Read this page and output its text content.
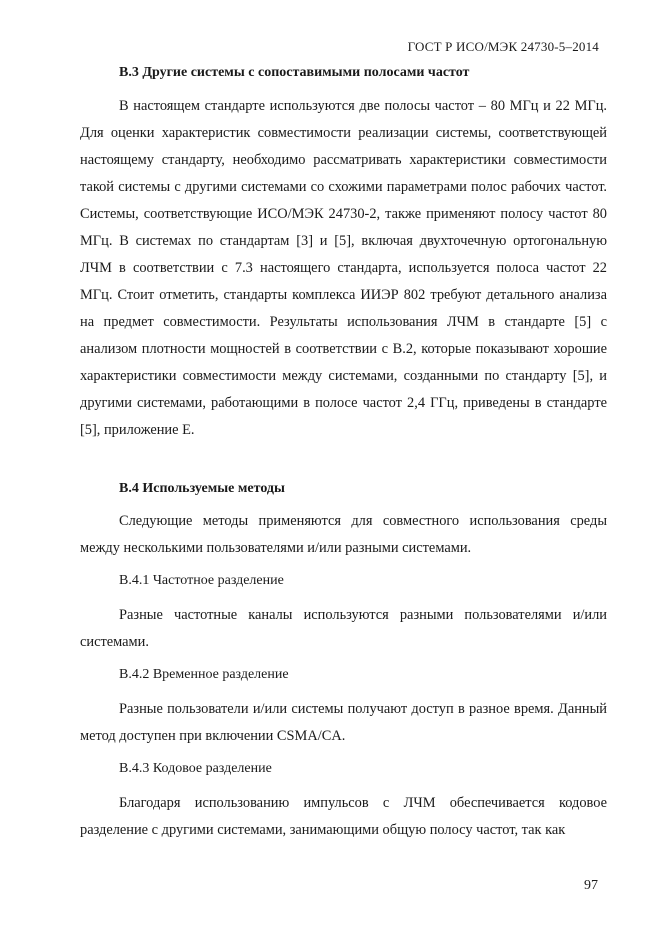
ГОСТ Р ИСО/МЭК 24730-5–2014
В.3 Другие системы с сопоставимыми полосами частот

В настоящем стандарте используются две полосы частот – 80 МГц и 22 МГц. Для оценки характеристик совместимости реализации системы, соответствующей настоящему стандарту, необходимо рассматривать характеристики совместимости такой системы с другими системами со схожими параметрами полос рабочих частот. Системы, соответствующие ИСО/МЭК 24730-2, также применяют полосу частот 80 МГц. В системах по стандартам [3] и [5], включая двухточечную ортогональную ЛЧМ в соответствии с 7.3 настоящего стандарта, используется полоса частот 22 МГц. Стоит отметить, стандарты комплекса ИИЭР 802 требуют детального анализа на предмет совместимости. Результаты использования ЛЧМ в стандарте [5] с анализом плотности мощностей в соответствии с В.2, которые показывают хорошие характеристики совместимости между системами, созданными по стандарту [5], и другими системами, работающими в полосе частот 2,4 ГГц, приведены в стандарте [5], приложение Е.

В.4 Используемые методы

Следующие методы применяются для совместного использования среды между несколькими пользователями и/или разными системами.

В.4.1 Частотное разделение

Разные частотные каналы используются разными пользователями и/или системами.

В.4.2 Временное разделение

Разные пользователи и/или системы получают доступ в разное время. Данный метод доступен при включении CSMA/CA.

В.4.3 Кодовое разделение

Благодаря использованию импульсов с ЛЧМ обеспечивается кодовое разделение с другими системами, занимающими общую полосу частот, так как

97
